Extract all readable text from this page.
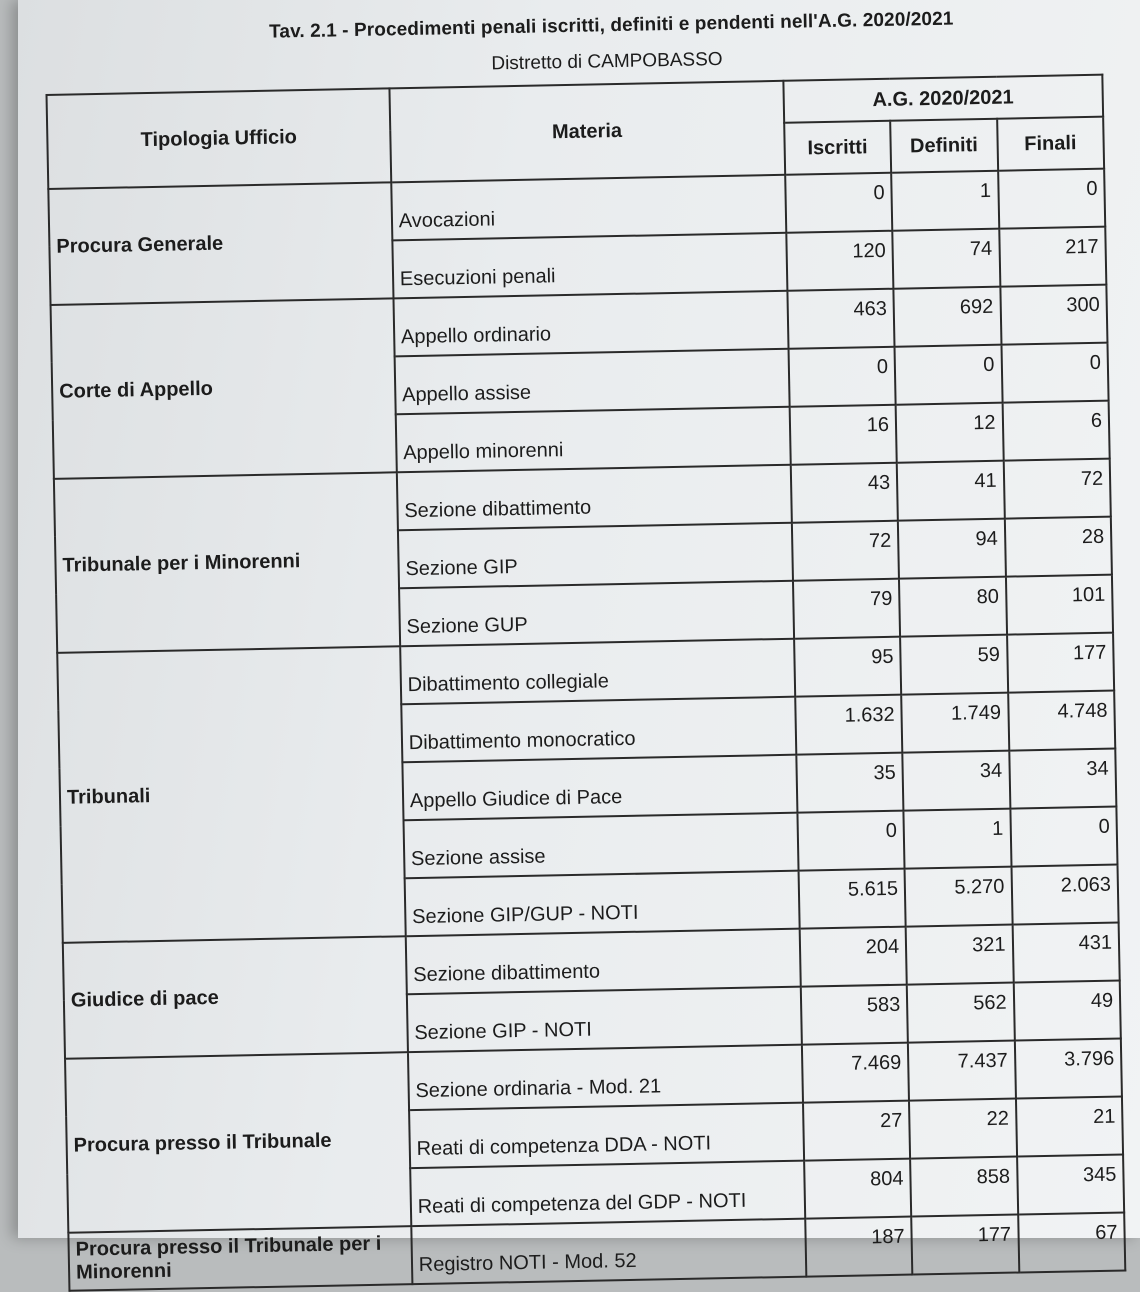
Tav. 2.1 - Procedimenti penali iscritti, definiti e pendenti nell'A.G. 2020/2021
Distretto di CAMPOBASSO
Tipologia Ufficio	Materia	A.G. 2020/2021		
		Iscritti	Definiti	Finali
Procura Generale	Avocazioni	0	1	0
	Esecuzioni penali	120	74	217
Corte di Appello	Appello ordinario	463	692	300
	Appello assise	0	0	0
	Appello minorenni	16	12	6
Tribunale per i Minorenni	Sezione dibattimento	43	41	72
	Sezione GIP	72	94	28
	Sezione GUP	79	80	101
Tribunali	Dibattimento collegiale	95	59	177
	Dibattimento monocratico	1.632	1.749	4.748
	Appello Giudice di Pace	35	34	34
	Sezione assise	0	1	0
	Sezione GIP/GUP - NOTI	5.615	5.270	2.063
Giudice di pace	Sezione dibattimento	204	321	431
	Sezione GIP - NOTI	583	562	49
Procura presso il Tribunale	Sezione ordinaria - Mod. 21	7.469	7.437	3.796
	Reati di competenza DDA - NOTI	27	22	21
	Reati di competenza del GDP - NOTI	804	858	345
Procura presso il Tribunale per i Minorenni	Registro NOTI - Mod. 52	187	177	67
